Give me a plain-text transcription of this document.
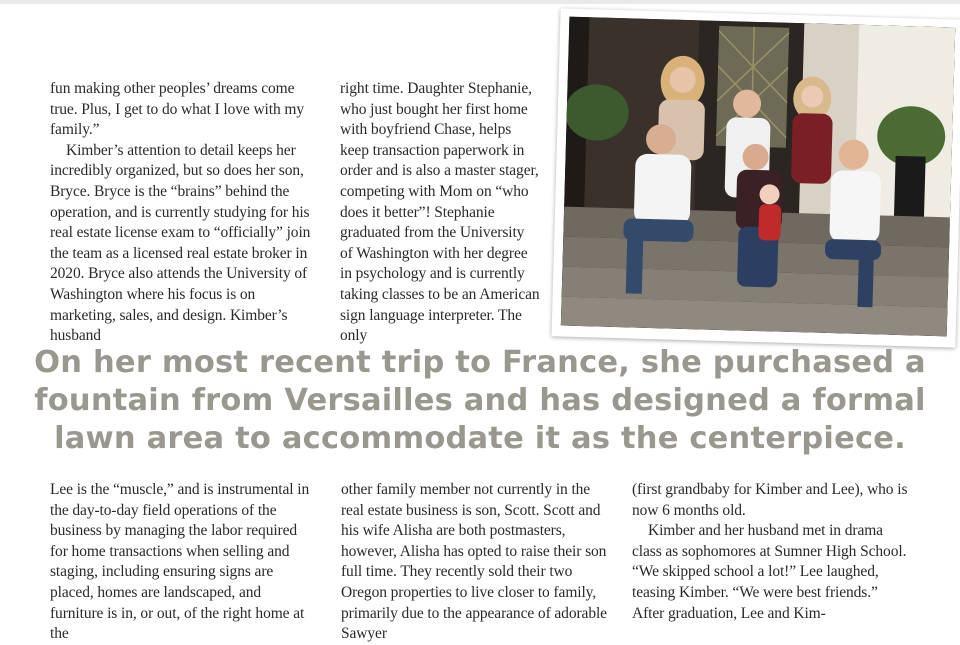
fun making other peoples’ dreams come true. Plus, I get to do what I love with my family.”

Kimber’s attention to detail keeps her incredibly organized, but so does her son, Bryce. Bryce is the “brains” behind the operation, and is currently studying for his real estate license exam to “officially” join the team as a licensed real estate broker in 2020. Bryce also attends the University of Washington where his focus is on marketing, sales, and design. Kimber’s husband

right time. Daughter Stephanie, who just bought her first home with boyfriend Chase, helps keep transaction paperwork in order and is also a master stager, competing with Mom on “who does it better”! Stephanie graduated from the University of Washington with her degree in psychology and is currently taking classes to be an American sign language interpreter. The only

On her most recent trip to France, she purchased a
fountain from Versailles and has designed a formal
lawn area to accommodate it as the centerpiece.

Lee is the “muscle,” and is instrumental in the day-to-day field operations of the business by managing the labor required for home transactions when selling and staging, including ensuring signs are placed, homes are landscaped, and furniture is in, or out, of the right home at the

other family member not currently in the real estate business is son, Scott. Scott and his wife Alisha are both postmasters, however, Alisha has opted to raise their son full time. They recently sold their two Oregon properties to live closer to family, primarily due to the appearance of adorable Sawyer

(first grandbaby for Kimber and Lee), who is now 6 months old.

Kimber and her husband met in drama class as sophomores at Sumner High School. “We skipped school a lot!” Lee laughed, teasing Kimber. “We were best friends.” After graduation, Lee and Kim-
